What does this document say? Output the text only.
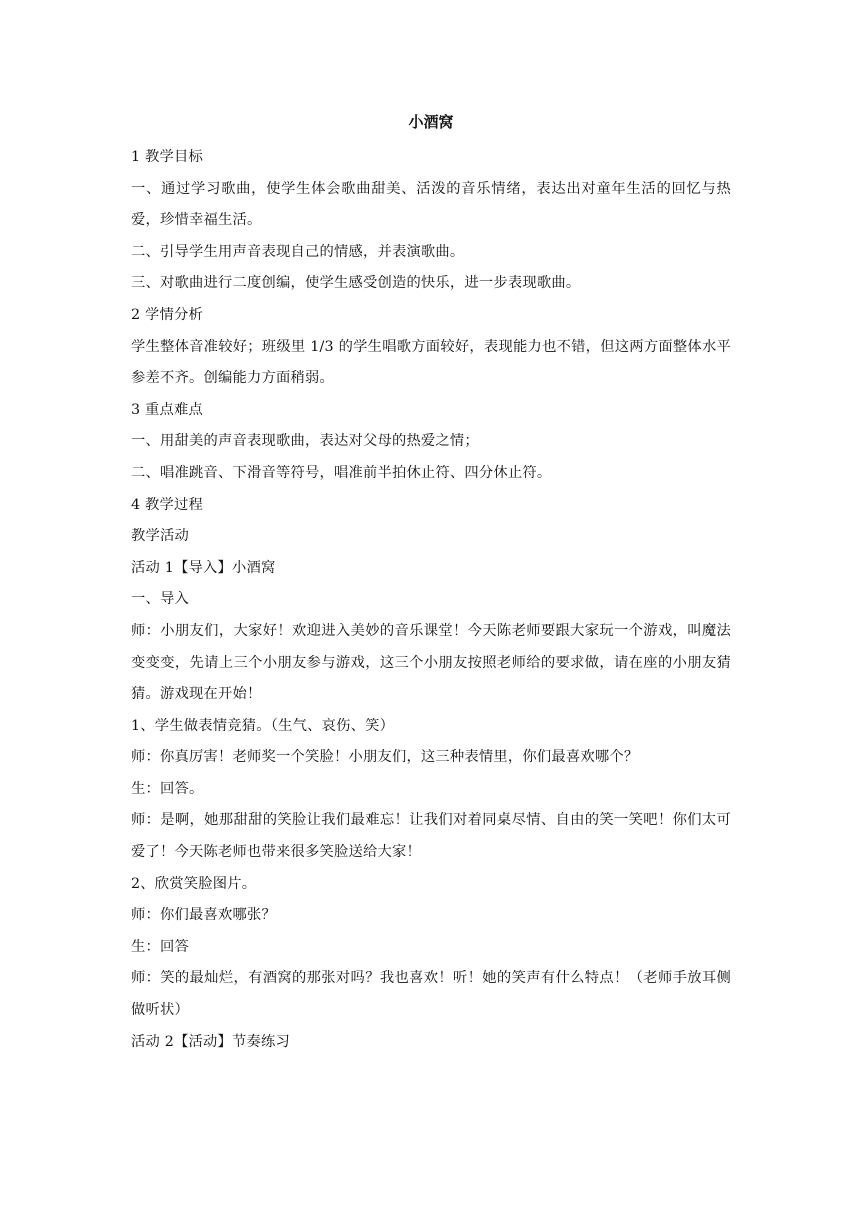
小酒窝

1 教学目标

一、通过学习歌曲，使学生体会歌曲甜美、活泼的音乐情绪，表达出对童年生活的回忆与热爱，珍惜幸福生活。

二、引导学生用声音表现自己的情感，并表演歌曲。

三、对歌曲进行二度创编，使学生感受创造的快乐，进一步表现歌曲。

2 学情分析

学生整体音准较好；班级里 1/3 的学生唱歌方面较好，表现能力也不错，但这两方面整体水平参差不齐。创编能力方面稍弱。

3 重点难点

一、用甜美的声音表现歌曲，表达对父母的热爱之情；

二、唱准跳音、下滑音等符号，唱准前半拍休止符、四分休止符。

4 教学过程

教学活动

活动 1【导入】小酒窝

一、导入

师：小朋友们，大家好！欢迎进入美妙的音乐课堂！今天陈老师要跟大家玩一个游戏，叫魔法变变变，先请上三个小朋友参与游戏，这三个小朋友按照老师给的要求做，请在座的小朋友猜猜。游戏现在开始！

1、学生做表情竞猜。（生气、哀伤、笑）

师：你真厉害！老师奖一个笑脸！小朋友们，这三种表情里，你们最喜欢哪个？

生：回答。

师：是啊，她那甜甜的笑脸让我们最难忘！让我们对着同桌尽情、自由的笑一笑吧！你们太可爱了！今天陈老师也带来很多笑脸送给大家！

2、欣赏笑脸图片。

师：你们最喜欢哪张？

生：回答

师：笑的最灿烂，有酒窝的那张对吗？我也喜欢！听！她的笑声有什么特点！（老师手放耳侧做听状）

活动 2【活动】节奏练习
